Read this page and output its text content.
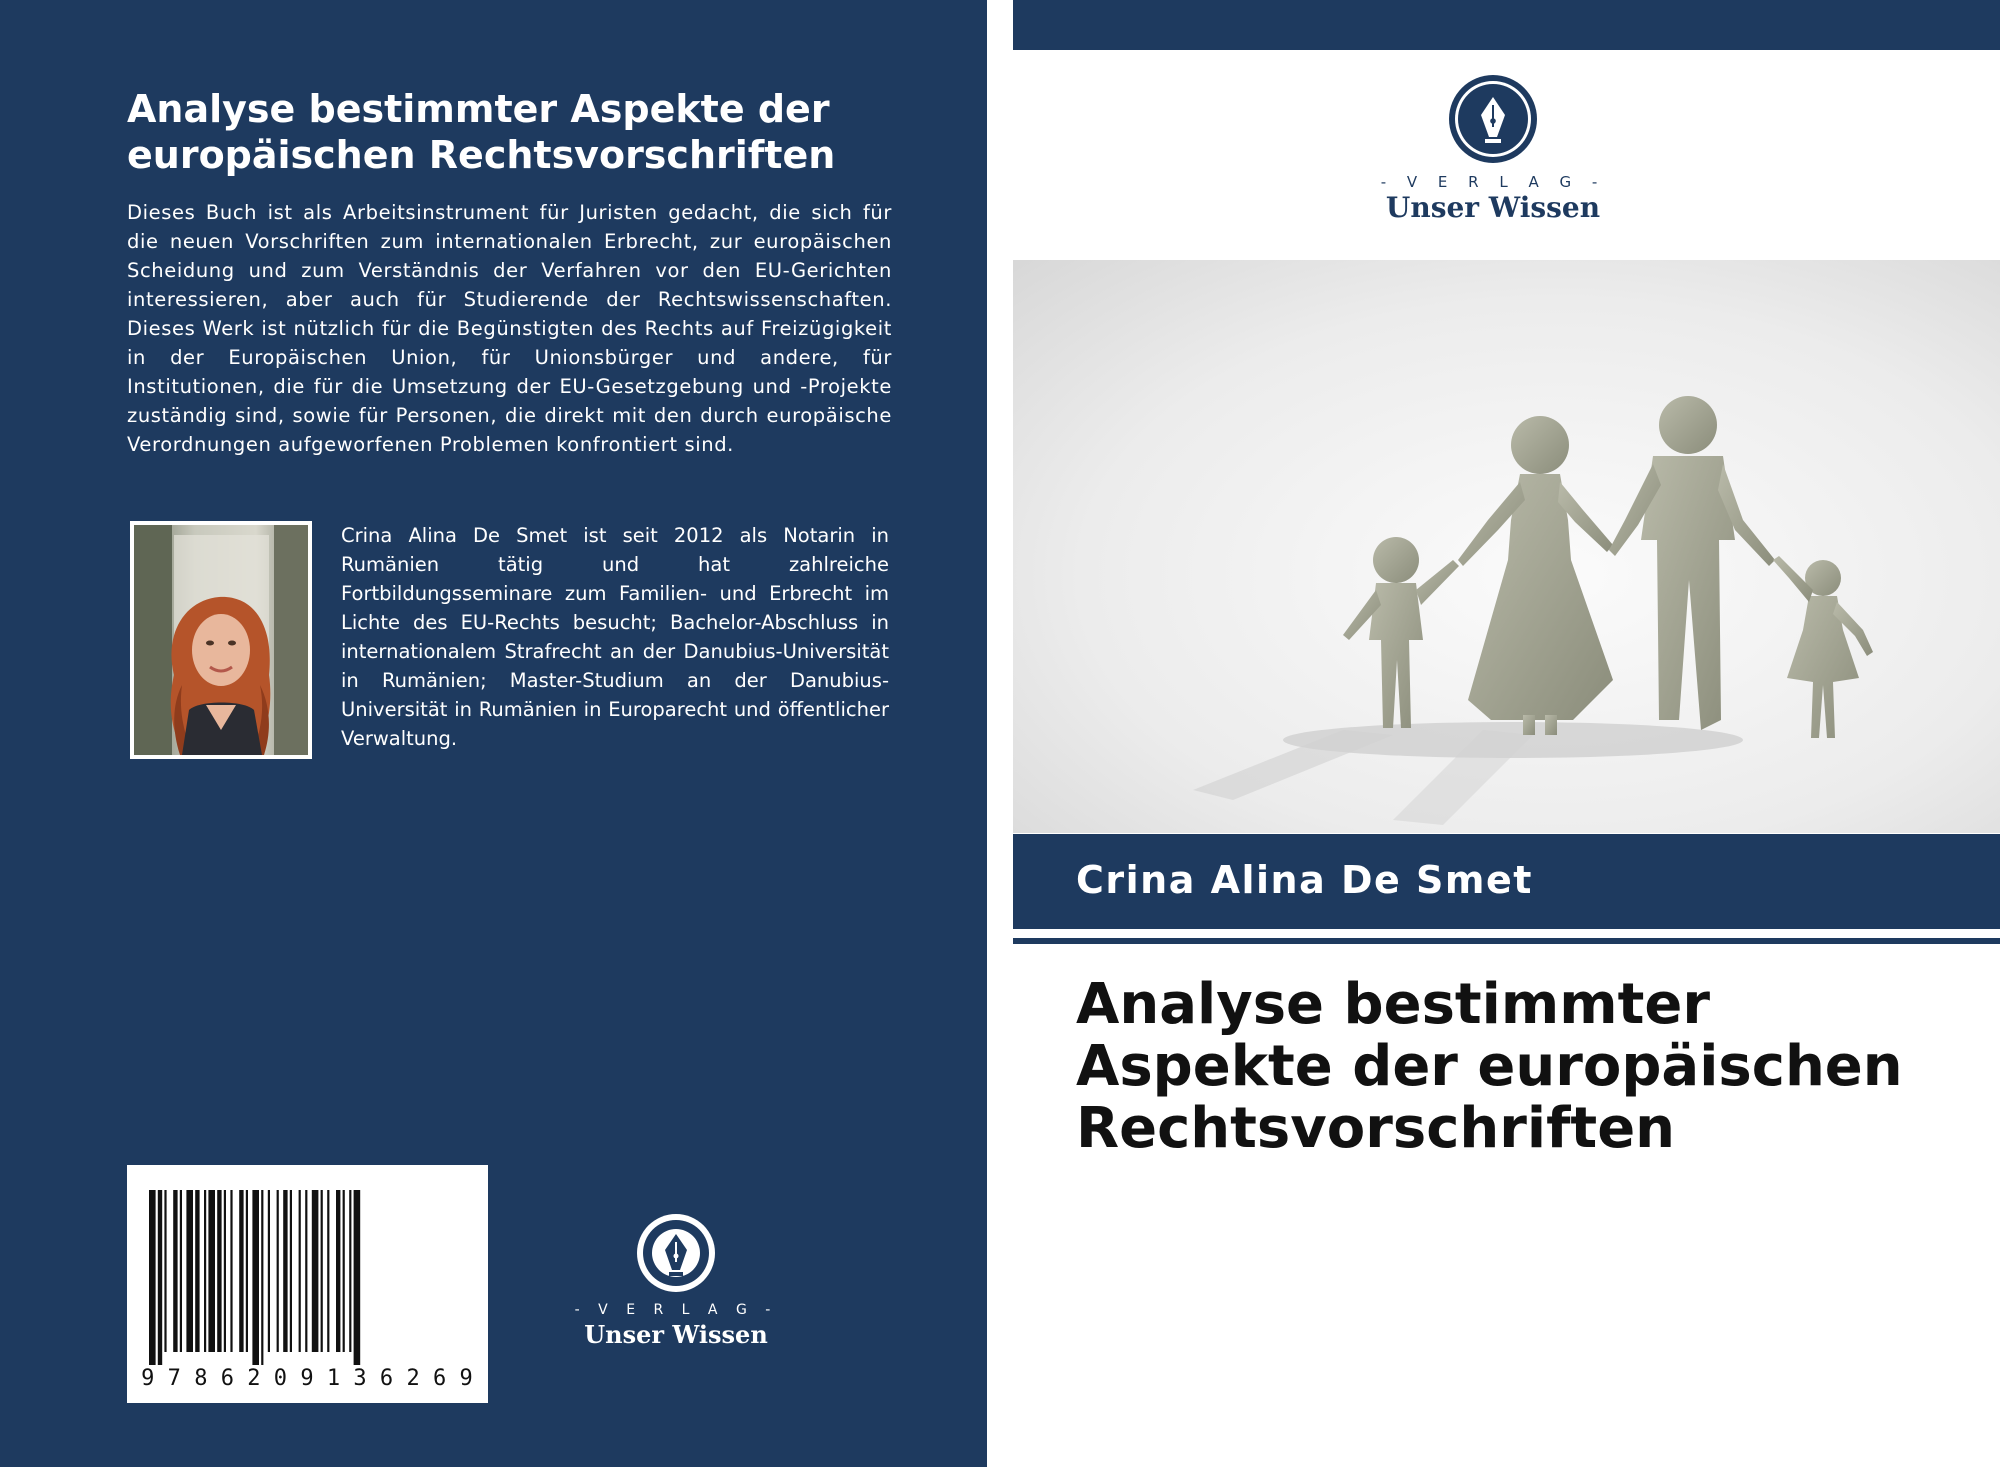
Analyse bestimmter Aspekte der europäischen Rechtsvorschriften

Dieses Buch ist als Arbeitsinstrument für Juristen gedacht, die sich für die neuen Vorschriften zum internationalen Erbrecht, zur europäischen Scheidung und zum Verständnis der Verfahren vor den EU-Gerichten interessieren, aber auch für Studierende der Rechtswissenschaften. Dieses Werk ist nützlich für die Begünstigten des Rechts auf Freizügigkeit in der Europäischen Union, für Unionsbürger und andere, für Institutionen, die für die Umsetzung der EU-Gesetzgebung und -Projekte zuständig sind, sowie für Personen, die direkt mit den durch europäische Verordnungen aufgeworfenen Problemen konfrontiert sind.

Crina Alina De Smet ist seit 2012 als Notarin in Rumänien tätig und hat zahlreiche Fortbildungsseminare zum Familien- und Erbrecht im Lichte des EU-Rechts besucht; Bachelor-Abschluss in internationalem Strafrecht an der Danubius-Universität in Rumänien; Master-Studium an der Danubius-Universität in Rumänien in Europarecht und öffentlicher Verwaltung.

9 7 8 6 2 0 9 1 3 6 2 6 9
- V E R L A G -
Unser Wissen
- V E R L A G -
Unser Wissen
Crina Alina De Smet
Analyse bestimmter Aspekte der europäischen Rechtsvorschriften
